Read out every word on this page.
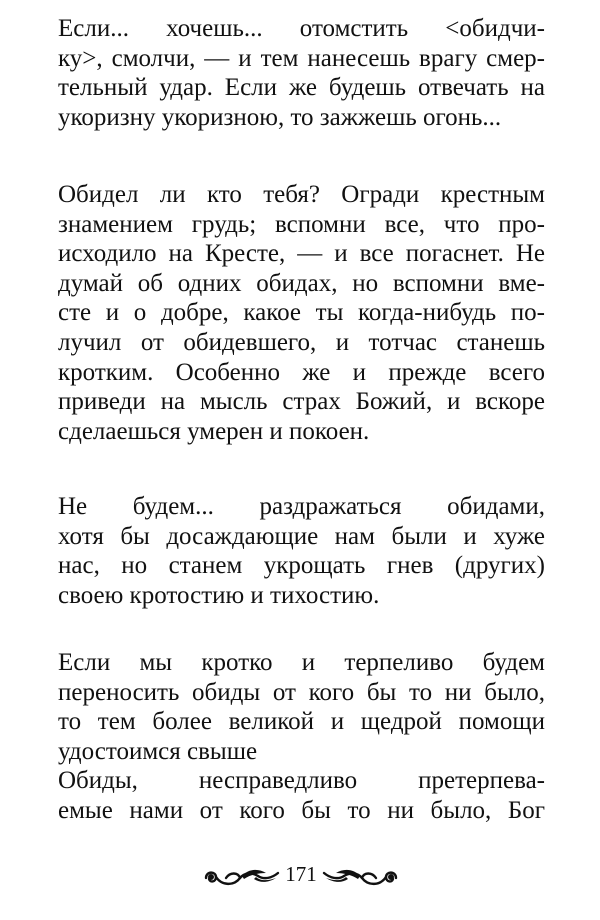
Если... хочешь... отомстить <обидчи-
ку>, смолчи, — и тем нанесешь врагу смер-
тельный удар. Если же будешь отвечать на
укоризну укоризною, то зажжешь огонь...
Обидел ли кто тебя? Огради крестным
знамением грудь; вспомни все, что про-
исходило на Кресте, — и все погаснет. Не
думай об одних обидах, но вспомни вме-
сте и о добре, какое ты когда-нибудь по-
лучил от обидевшего, и тотчас станешь
кротким. Особенно же и прежде всего
приведи на мысль страх Божий, и вскоре
сделаешься умерен и покоен.
Не будем... раздражаться обидами,
хотя бы досаждающие нам были и хуже
нас, но станем укрощать гнев (других)
своею кротостию и тихостию.
Если мы кротко и терпеливо будем
переносить обиды от кого бы то ни было,
то тем более великой и щедрой помощи
удостоимся свыше
Обиды, несправедливо претерпева-
емые нами от кого бы то ни было, Бог
171
